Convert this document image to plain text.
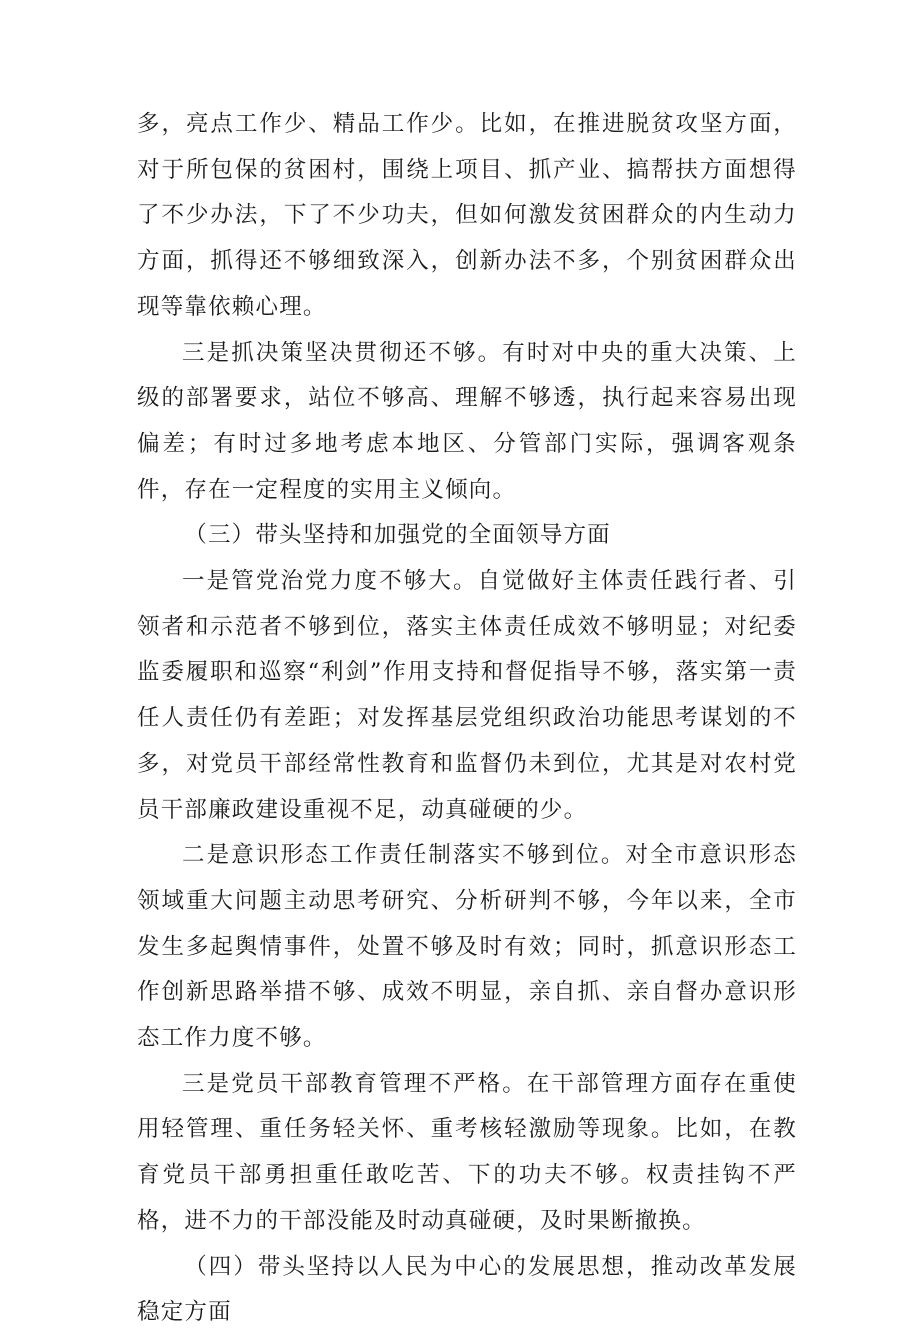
多，亮点工作少、精品工作少。比如，在推进脱贫攻坚方面，对于所包保的贫困村，围绕上项目、抓产业、搞帮扶方面想得了不少办法，下了不少功夫，但如何激发贫困群众的内生动力方面，抓得还不够细致深入，创新办法不多，个别贫困群众出现等靠依赖心理。

三是抓决策坚决贯彻还不够。有时对中央的重大决策、上级的部署要求，站位不够高、理解不够透，执行起来容易出现偏差；有时过多地考虑本地区、分管部门实际，强调客观条件，存在一定程度的实用主义倾向。

（三）带头坚持和加强党的全面领导方面

一是管党治党力度不够大。自觉做好主体责任践行者、引领者和示范者不够到位，落实主体责任成效不够明显；对纪委监委履职和巡察“利剑”作用支持和督促指导不够，落实第一责任人责任仍有差距；对发挥基层党组织政治功能思考谋划的不多，对党员干部经常性教育和监督仍未到位，尤其是对农村党员干部廉政建设重视不足，动真碰硬的少。

二是意识形态工作责任制落实不够到位。对全市意识形态领域重大问题主动思考研究、分析研判不够，今年以来，全市发生多起舆情事件，处置不够及时有效；同时，抓意识形态工作创新思路举措不够、成效不明显，亲自抓、亲自督办意识形态工作力度不够。

三是党员干部教育管理不严格。在干部管理方面存在重使用轻管理、重任务轻关怀、重考核轻激励等现象。比如，在教育党员干部勇担重任敢吃苦、下的功夫不够。权责挂钩不严格，进不力的干部没能及时动真碰硬，及时果断撤换。

（四）带头坚持以人民为中心的发展思想，推动改革发展稳定方面
